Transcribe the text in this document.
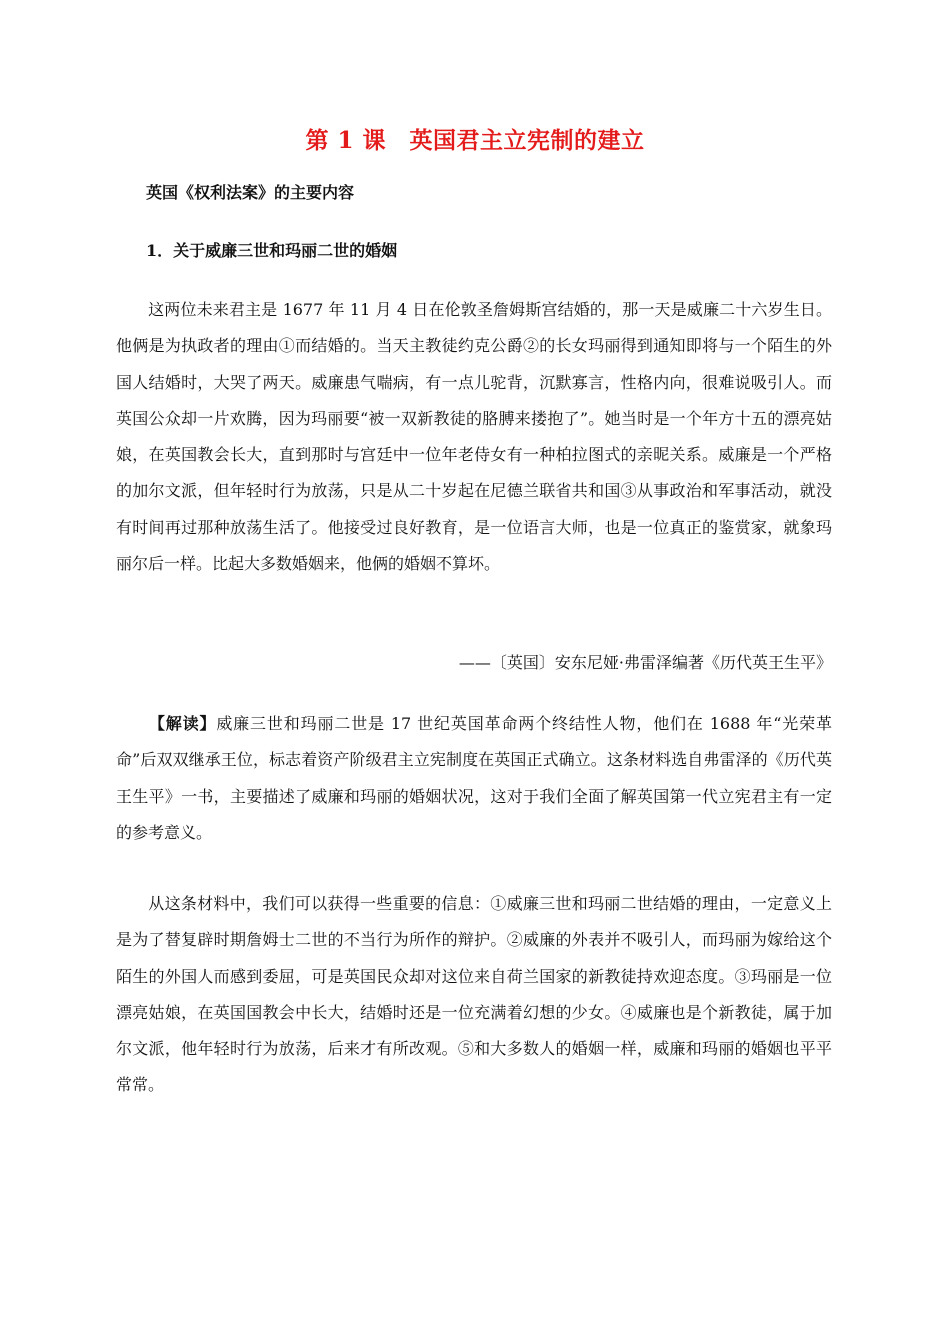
第 1 课　英国君主立宪制的建立
英国《权利法案》的主要内容
1．关于威廉三世和玛丽二世的婚姻

这两位未来君主是 1677 年 11 月 4 日在伦敦圣詹姆斯宫结婚的，那一天是威廉二十六岁生日。他俩是为执政者的理由①而结婚的。当天主教徒约克公爵②的长女玛丽得到通知即将与一个陌生的外国人结婚时，大哭了两天。威廉患气喘病，有一点儿驼背，沉默寡言，性格内向，很难说吸引人。而英国公众却一片欢腾，因为玛丽要“被一双新教徒的胳膊来搂抱了”。她当时是一个年方十五的漂亮姑娘，在英国教会长大，直到那时与宫廷中一位年老侍女有一种柏拉图式的亲昵关系。威廉是一个严格的加尔文派，但年轻时行为放荡，只是从二十岁起在尼德兰联省共和国③从事政治和军事活动，就没有时间再过那种放荡生活了。他接受过良好教育，是一位语言大师，也是一位真正的鉴赏家，就象玛丽尔后一样。比起大多数婚姻来，他俩的婚姻不算坏。

——〔英国〕安东尼娅·弗雷泽编著《历代英王生平》

【解读】威廉三世和玛丽二世是 17 世纪英国革命两个终结性人物，他们在 1688 年“光荣革命”后双双继承王位，标志着资产阶级君主立宪制度在英国正式确立。这条材料选自弗雷泽的《历代英王生平》一书，主要描述了威廉和玛丽的婚姻状况，这对于我们全面了解英国第一代立宪君主有一定的参考意义。

从这条材料中，我们可以获得一些重要的信息：①威廉三世和玛丽二世结婚的理由，一定意义上是为了替复辟时期詹姆士二世的不当行为所作的辩护。②威廉的外表并不吸引人，而玛丽为嫁给这个陌生的外国人而感到委屈，可是英国民众却对这位来自荷兰国家的新教徒持欢迎态度。③玛丽是一位漂亮姑娘，在英国国教会中长大，结婚时还是一位充满着幻想的少女。④威廉也是个新教徒，属于加尔文派，他年轻时行为放荡，后来才有所改观。⑤和大多数人的婚姻一样，威廉和玛丽的婚姻也平平常常。
